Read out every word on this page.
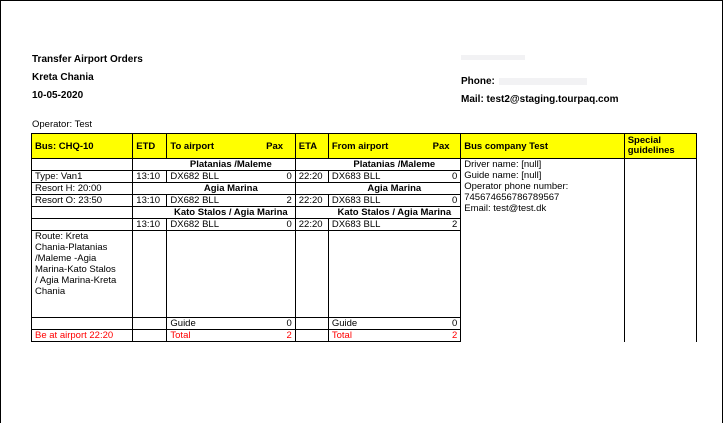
Transfer Airport Orders
Kreta Chania
10-05-2020
Phone:
Mail: test2@staging.tourpaq.com
Operator: Test
Bus: CHQ-10	ETD	To airport	Pax	ETA	From airport	Pax	Bus company Test	Special guidelines
		Platanias /Maleme			Platanias /Maleme		Driver name: [null]
Guide name: [null]
Operator phone number:
745674656786789567
Email: test@test.dk	

Type: Van1	13:10	DX682 BLL	0	22:20	DX683 BLL	0		
Resort H: 20:00		Agia Marina			Agia Marina			
Resort O: 23:50	13:10	DX682 BLL	2	22:20	DX683 BLL	0		
		Kato Stalos / Agia Marina			Kato Stalos / Agia Marina			
	13:10	DX682 BLL	0	22:20	DX683 BLL	2		
Route: Kreta Chania-Platanias /Maleme -Agia Marina-Kato Stalos / Agia Marina-Kreta Chania								
		Guide	0		Guide	0		
Be at airport 22:20		Total	2		Total	2		
